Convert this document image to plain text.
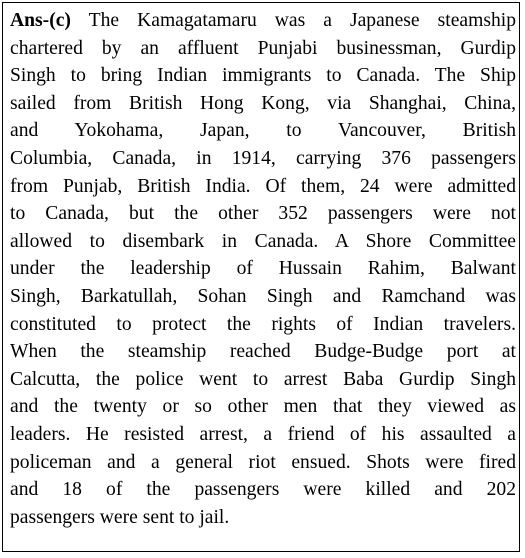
Ans-(c) The Kamagatamaru was a Japanese steamship
chartered by an affluent Punjabi businessman, Gurdip
Singh to bring Indian immigrants to Canada. The Ship
sailed from British Hong Kong, via Shanghai, China,
and Yokohama, Japan, to Vancouver, British
Columbia, Canada, in 1914, carrying 376 passengers
from Punjab, British India. Of them, 24 were admitted
to Canada, but the other 352 passengers were not
allowed to disembark in Canada. A Shore Committee
under the leadership of Hussain Rahim, Balwant
Singh, Barkatullah, Sohan Singh and Ramchand was
constituted to protect the rights of Indian travelers.
When the steamship reached Budge-Budge port at
Calcutta, the police went to arrest Baba Gurdip Singh
and the twenty or so other men that they viewed as
leaders. He resisted arrest, a friend of his assaulted a
policeman and a general riot ensued. Shots were fired
and 18 of the passengers were killed and 202
passengers were sent to jail.
